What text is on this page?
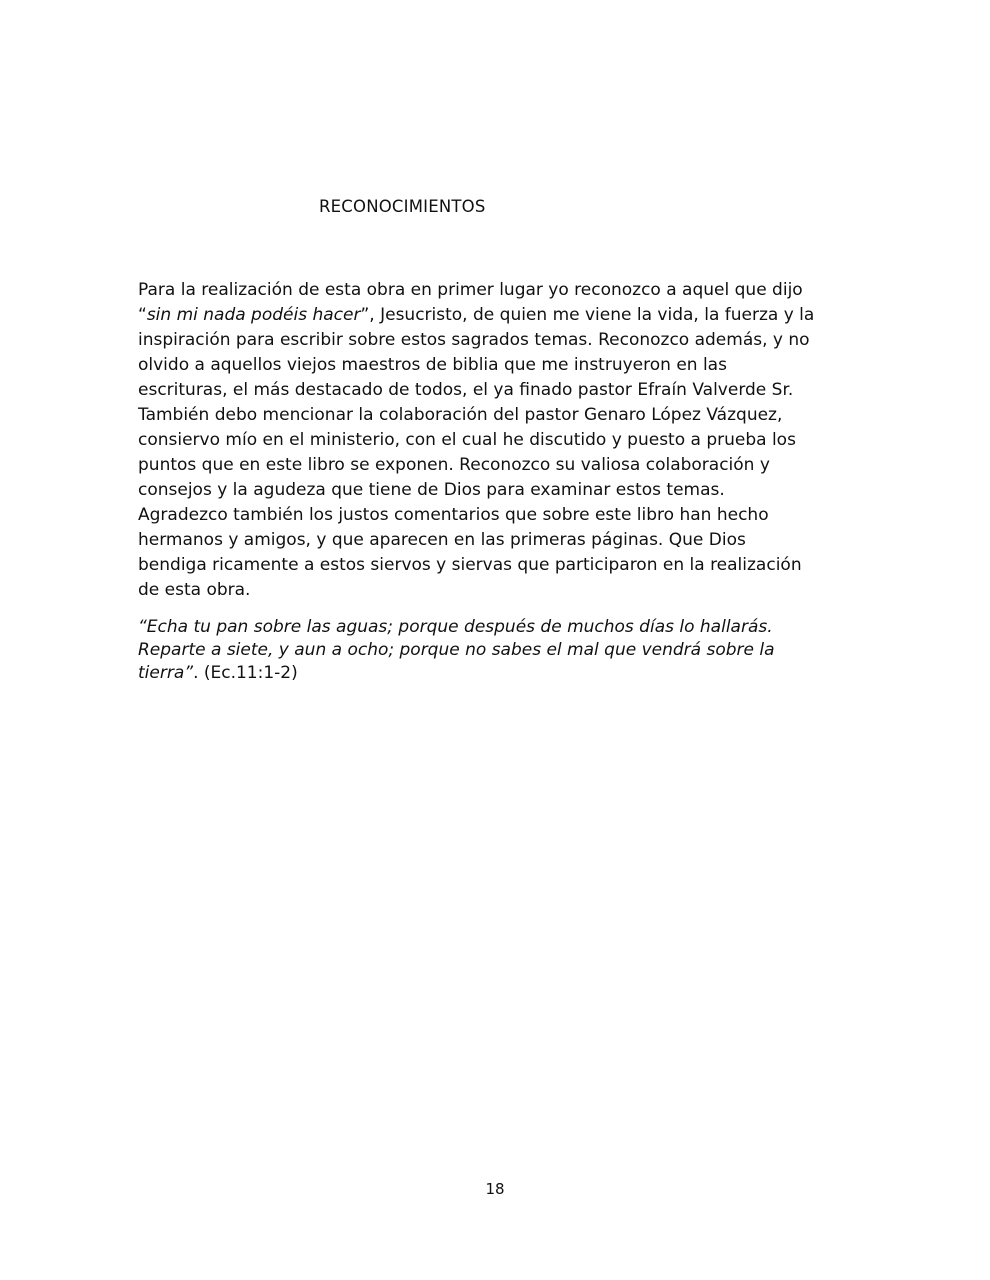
RECONOCIMIENTOS
Para la realización de esta obra en primer lugar yo reconozco a aquel que dijo
“sin mi nada podéis hacer”, Jesucristo, de quien me viene la vida, la fuerza y la
inspiración para escribir sobre estos sagrados temas. Reconozco además, y no
olvido a aquellos viejos maestros de biblia que me instruyeron en las
escrituras, el más destacado de todos, el ya finado pastor Efraín Valverde Sr.
También debo mencionar la colaboración del pastor Genaro López Vázquez,
consiervo mío en el ministerio, con el cual he discutido y puesto a prueba los
puntos que en este libro se exponen. Reconozco su valiosa colaboración y
consejos y la agudeza que tiene de Dios para examinar estos temas.
Agradezco también los justos comentarios que sobre este libro han hecho
hermanos y amigos, y que aparecen en las primeras páginas. Que Dios
bendiga ricamente a estos siervos y siervas que participaron en la realización
de esta obra.
“Echa tu pan sobre las aguas; porque después de muchos días lo hallarás.
Reparte a siete, y aun a ocho; porque no sabes el mal que vendrá sobre la
tierra”. (Ec.11:1-2)
18
